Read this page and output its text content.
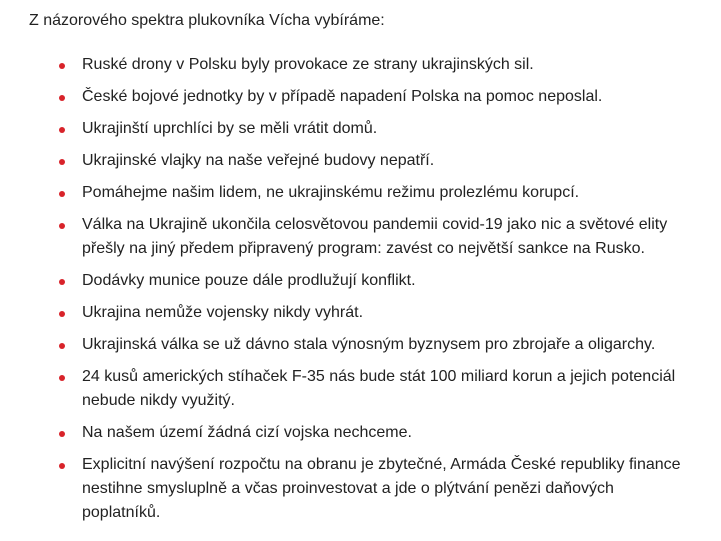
Z názorového spektra plukovníka Vícha vybíráme:

Ruské drony v Polsku byly provokace ze strany ukrajinských sil.
České bojové jednotky by v případě napadení Polska na pomoc neposlal.
Ukrajinští uprchlíci by se měli vrátit domů.
Ukrajinské vlajky na naše veřejné budovy nepatří.
Pomáhejme našim lidem, ne ukrajinskému režimu prolezlému korupcí.
Válka na Ukrajině ukončila celosvětovou pandemii covid-19 jako nic a světové elity přešly na jiný předem připravený program: zavést co největší sankce na Rusko.
Dodávky munice pouze dále prodlužují konflikt.
Ukrajina nemůže vojensky nikdy vyhrát.
Ukrajinská válka se už dávno stala výnosným byznysem pro zbrojaře a oligarchy.
24 kusů amerických stíhaček F-35 nás bude stát 100 miliard korun a jejich potenciál nebude nikdy využitý.
Na našem území žádná cizí vojska nechceme.
Explicitní navýšení rozpočtu na obranu je zbytečné, Armáda České republiky finance nestihne smysluplně a včas proinvestovat a jde o plýtvání penězi daňových poplatníků.
